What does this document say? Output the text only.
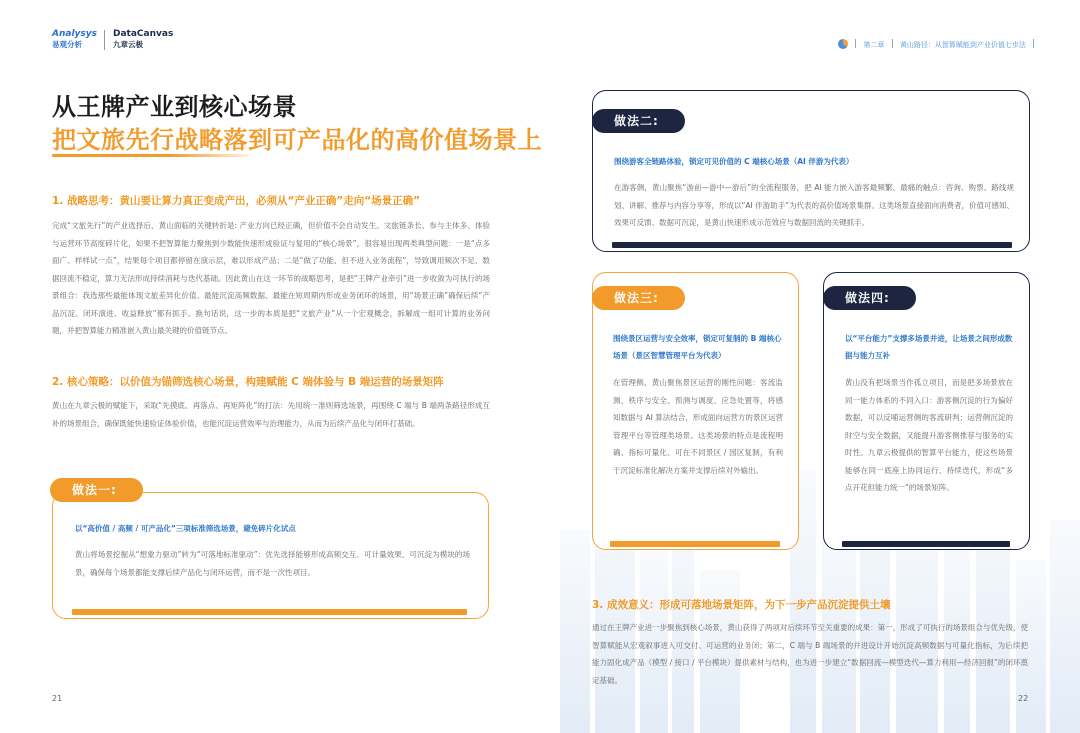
Analysys
易观分析
DataCanvas
九章云极	第二章 黄山路径：从智算赋能到产业价值七步法
从王牌产业到核心场景
把文旅先行战略落到可产品化的高价值场景上
1. 战略思考：黄山要让算力真正变成产出，必须从“产业正确”走向“场景正确”
完成“文旅先行”的产业选择后，黄山面临的关键转折是: 产业方向已经正确，但价值不会自动发生。文旅链条长、参与主体多、体验与运营环节高度碎片化，如果不把智算能力聚焦到少数能快速形成验证与复用的“核心场景”，很容易出现两类典型问题：一是“点多面广、样样试一点”，结果每个项目都停留在演示层，难以形成产品；二是“做了功能、但不进入业务流程”，导致调用频次不足、数据回流不稳定，算力无法形成持续消耗与迭代基础。因此黄山在这一环节的战略思考，是把“王牌产业牵引”进一步收敛为可执行的场景组合：我选那些最能体现文旅差异化价值、最能沉淀高频数据、最能在短周期内形成业务闭环的场景，用“场景正确”确保后续“产品沉淀、闭环演进、收益释放”都有抓手。换句话说，这一步的本质是把“文旅产业”从一个宏观概念，拆解成一组可计算的业务问题，并把智算能力精准嵌入黄山最关键的价值链节点。
2. 核心策略：以价值为锚筛选核心场景，构建赋能 C 端体验与 B 端运营的场景矩阵
黄山在九章云极的赋能下，采取“先摸底、再落点、再矩阵化”的打法：先用统一准则筛选场景，再围绕 C 端与 B 端两条路径形成互补的场景组合，确保既能快速验证体验价值，也能沉淀运营效率与治理能力，从而为后续产品化与闭环打基础。
做法一:
以“高价值 / 高频 / 可产品化”三项标准筛选场景，避免碎片化试点
黄山将场景挖掘从“想象力驱动”转为“可落地标准驱动”：优先选择能够形成高频交互、可计量效果、可沉淀为模块的场景，确保每个场景都能支撑后续产品化与闭环运营，而不是一次性项目。
21
做法二:
围绕游客全链路体验，锁定可见价值的 C 端核心场景（AI 伴游为代表）
在游客侧，黄山聚焦“游前—游中—游后”的全流程服务，把 AI 能力嵌入游客最频繁、最痛的触点：咨询、购票、路线规划、讲解、推荐与内容分享等，形成以“AI 伴游助手”为代表的高价值场景集群。这类场景直接面向消费者，价值可感知、效果可反馈、数据可沉淀，是黄山快速形成示范效应与数据回流的关键抓手。
做法三:
围绕景区运营与安全效率，锁定可复制的 B 端核心场景（景区智慧管理平台为代表）
在管理侧，黄山聚焦景区运营的刚性问题：客流监测、秩序与安全、预测与调度、应急处置等，将感知数据与 AI 算法结合，形成面向运营方的景区运营管理平台等管理类场景。这类场景的特点是流程明确、指标可量化、可在不同景区 / 园区复制，有利于沉淀标准化解决方案并支撑后续对外输出。
做法四:
以“平台能力”支撑多场景并进，让场景之间形成数据与能力互补
黄山没有把场景当作孤立项目，而是把多场景放在同一能力体系的不同入口：游客侧沉淀的行为偏好数据，可以反哺运营侧的客流研判；运营侧沉淀的时空与安全数据，又能提升游客侧推荐与服务的实时性。九章云极提供的智算平台能力，使这些场景能够在同一底座上协同运行、持续迭代，形成“多点开花但能力统一”的场景矩阵。
3. 成效意义：形成可落地场景矩阵，为下一步产品沉淀提供土壤
通过在王牌产业进一步聚焦到核心场景，黄山获得了两项对后续环节至关重要的成果：第一，形成了可执行的场景组合与优先级，使智算赋能从宏观叙事进入可交付、可运营的业务闭；第二，C 端与 B 端场景的并进设计开始沉淀高频数据与可量化指标，为后续把能力固化成产品（模型 / 接口 / 平台模块）提供素材与结构，也为进一步建立“数据回流—模型迭代—算力利用—经济回报”的闭环奠定基础。
22
